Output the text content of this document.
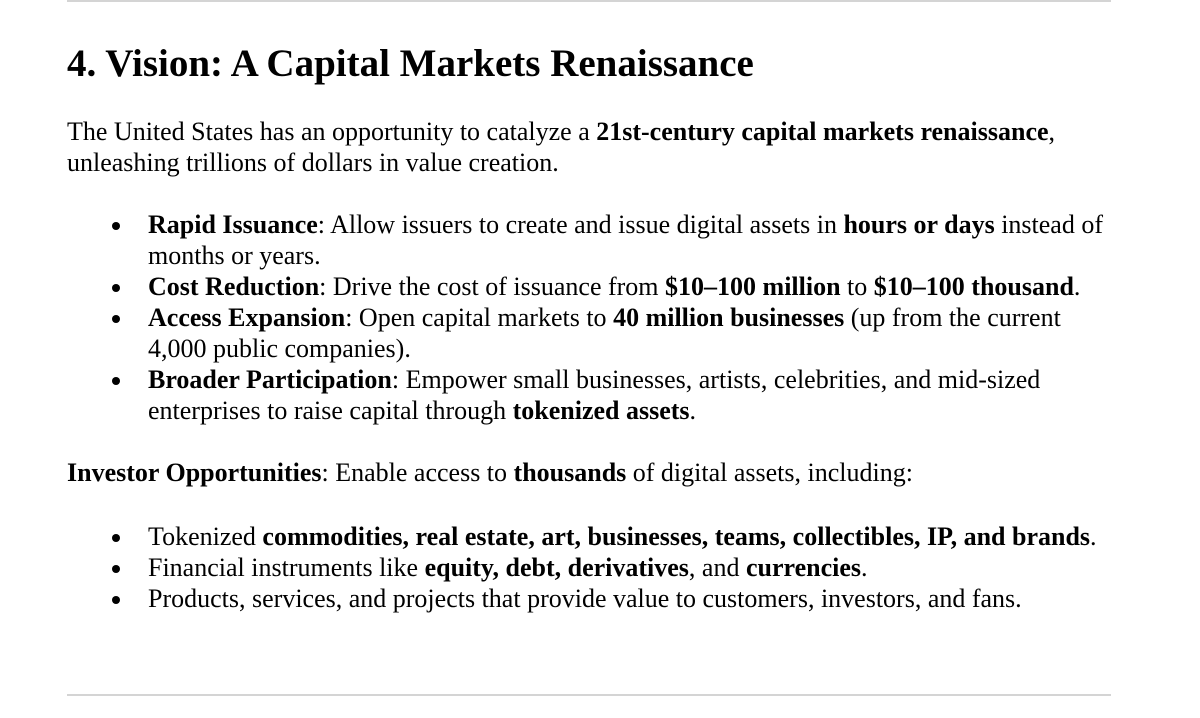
4. Vision: A Capital Markets Renaissance

The United States has an opportunity to catalyze a 21st-century capital markets renaissance, unleashing trillions of dollars in value creation.

Rapid Issuance: Allow issuers to create and issue digital assets in hours or days instead of months or years.
Cost Reduction: Drive the cost of issuance from $10–100 million to $10–100 thousand.
Access Expansion: Open capital markets to 40 million businesses (up from the current 4,000 public companies).
Broader Participation: Empower small businesses, artists, celebrities, and mid-sized enterprises to raise capital through tokenized assets.

Investor Opportunities: Enable access to thousands of digital assets, including:

Tokenized commodities, real estate, art, businesses, teams, collectibles, IP, and brands.
Financial instruments like equity, debt, derivatives, and currencies.
Products, services, and projects that provide value to customers, investors, and fans.
